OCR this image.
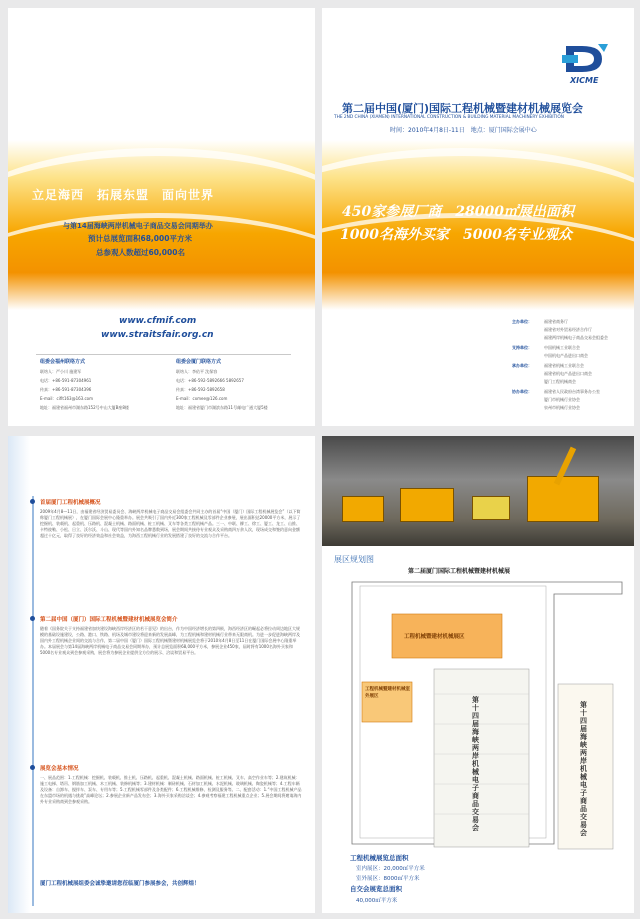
立足海西　拓展东盟　面向世界

与第14届海峡两岸机械电子商品交易会同期举办

预计总展览面积68,000平方米

总参观人数超过60,000名

www.cfmif.com

www.straitsfair.org.cn

组委会福州联络方式

联络人：严小川 施建军

电话：+86-591-87304961

传真：+86-591-87304396

E-mail：cifit163@163.com

地址：福建省福州市湖东路152号中山大厦B座8楼

组委会厦门联络方式

联络人：李佑平 沈保容

电话：+86-592-5892666 5892657

传真：+86-592-5892658

E-mail：cxmee@126.com

地址：福建省厦门市湖滨东路11号邮电广通大厦5楼

XICME

第二届中国(厦门)国际工程机械暨建材机械展览会

THE 2ND CHINA (XIAMEN) INTERNATIONAL CONSTRUCTION & BUILDING MATERIAL MACHINERY EXHIBITION

时间：2010年4月8日-11日　地点：厦门国际会展中心

450家参展厂商　28000㎡展出面积

1000名海外买家　5000名专业观众

主办单位：	福建省商务厅

福建省对外贸易经济合作厅

福建两岸机械电子商品交易会组委会

支持单位：	中国机械工业联合会

中国机电产品进出口商会

承办单位：	福建省机械工业联合会

福建省机电产品进出口商会

厦门工程机械商会

协办单位：	福建省人民政府台湾事务办公室

厦门市机械行业协会

泉州市机械行业协会

首届厦门工程机械展概况

2009年4月8—11日，由福建省经济贸易委员会、海峡两岸机械电子商品交易会组委会共同主办的首届“中国（厦门）国际工程机械展览会”（以下简称厦门工程机械展），在厦门国际会展中心隆重举办。展会共吸引了国内外近300家工程机械及零部件企业参展，展出面积达20000平方米，展示了挖掘机、装载机、起重机、压路机、混凝土机械、路面机械、桩工机械、叉车等各类工程机械产品。三一、中联、柳工、徐工、厦工、龙工、山推、卡特彼勒、小松、日立、沃尔沃、斗山、现代等国内外知名品牌悉数到场，展会期间共接待专业观众及采购商四万余人次，现场成交和签约意向金额超过十亿元，取得了良好的经济效益和社会效益，为海西工程机械行业的发展搭建了良好的交流与合作平台。

第二届中国（厦门）国际工程机械暨建材机械展览会简介

随着《国务院关于支持福建省加快建设海峡西岸经济区的若干意见》的出台，作为中国经济增长的第四极，海西经济区的崛起必将拉动周边地区大规模的基础设施建设，公路、港口、铁路、机场及城市建设将迎来新的发展高峰，为工程机械和建材机械行业带来无限商机。为进一步促进海峡两岸及国内外工程机械企业间的交流与合作，第二届中国（厦门）国际工程机械暨建材机械展览会将于2010年4月8日至11日在厦门国际会展中心隆重举办。本届展会与第14届海峡两岸机械电子商品交易会同期举办，预计总展览面积68,000平方米，参展企业450家，届时将有1000名海外买家和5000名专业观众到会参观采购，展会将为参展企业提供全方位的展示、洽谈和贸易平台。

展览会基本情况

一、展品范围：1.工程机械：挖掘机、装载机、推土机、压路机、起重机、混凝土机械、路面机械、桩工机械、叉车、高空作业车等；2.建筑机械：施工电梯、塔吊、钢筋加工机械、木工机械、装修机械等；3.建材机械：制砖机械、石材加工机械、水泥机械、玻璃机械、陶瓷机械等；4.工程车辆及设备：自卸车、搅拌车、泵车、专用车等；5.工程机械零部件及各类配件；6.工程机械维修、检测及服务等。二、配套活动：1.“中国工程机械产品在东盟市场的机遇与挑战”高峰论坛；2.参展企业新产品发布会；3.海外买家采购洽谈会；4.参观考察福建工程机械重点企业；5.展会期间将邀请海内外专业采购商到会参观采购。

厦门工程机械展组委会诚挚邀请您莅临厦门参展参会，共创辉煌！

展区规划图

第二届厦门国际工程机械暨建材机械展

工程机械暨建材机械展区

工程机械暨建材机械室外展区	第十四届海峡两岸机械电子商品交易会

第十四届海峡两岸机械电子商品交易会

工程机械展览总面积

室内展区：20,000㎡平方米

室外展区：8000㎡平方米

自交会展览总面积

40,000㎡平方米
